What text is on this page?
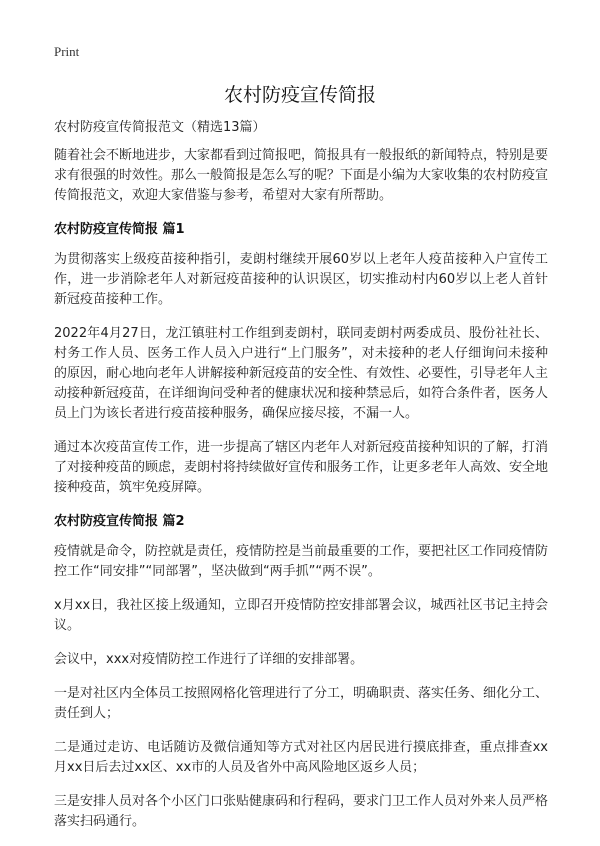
Print
农村防疫宣传简报

农村防疫宣传简报范文（精选13篇）

随着社会不断地进步，大家都看到过简报吧，简报具有一般报纸的新闻特点，特别是要求有很强的时效性。那么一般简报是怎么写的呢？下面是小编为大家收集的农村防疫宣传简报范文，欢迎大家借鉴与参考，希望对大家有所帮助。

农村防疫宣传简报 篇1

为贯彻落实上级疫苗接种指引，麦朗村继续开展60岁以上老年人疫苗接种入户宣传工作，进一步消除老年人对新冠疫苗接种的认识误区，切实推动村内60岁以上老人首针新冠疫苗接种工作。

2022年4月27日，龙江镇驻村工作组到麦朗村，联同麦朗村两委成员、股份社社长、村务工作人员、医务工作人员入户进行“上门服务”，对未接种的老人仔细询问未接种的原因，耐心地向老年人讲解接种新冠疫苗的安全性、有效性、必要性，引导老年人主动接种新冠疫苗，在详细询问受种者的健康状况和接种禁忌后，如符合条件者，医务人员上门为该长者进行疫苗接种服务，确保应接尽接，不漏一人。

通过本次疫苗宣传工作，进一步提高了辖区内老年人对新冠疫苗接种知识的了解，打消了对接种疫苗的顾虑，麦朗村将持续做好宣传和服务工作，让更多老年人高效、安全地接种疫苗，筑牢免疫屏障。

农村防疫宣传简报 篇2

疫情就是命令，防控就是责任，疫情防控是当前最重要的工作，要把社区工作同疫情防控工作“同安排”“同部署”，坚决做到“两手抓”“两不误”。

x月xx日，我社区接上级通知，立即召开疫情防控安排部署会议，城西社区书记主持会议。

会议中，xxx对疫情防控工作进行了详细的安排部署。

一是对社区内全体员工按照网格化管理进行了分工，明确职责、落实任务、细化分工、责任到人；

二是通过走访、电话随访及微信通知等方式对社区内居民进行摸底排查，重点排查xx月xx日后去过xx区、xx市的人员及省外中高风险地区返乡人员；

三是安排人员对各个小区门口张贴健康码和行程码，要求门卫工作人员对外来人员严格落实扫码通行。
